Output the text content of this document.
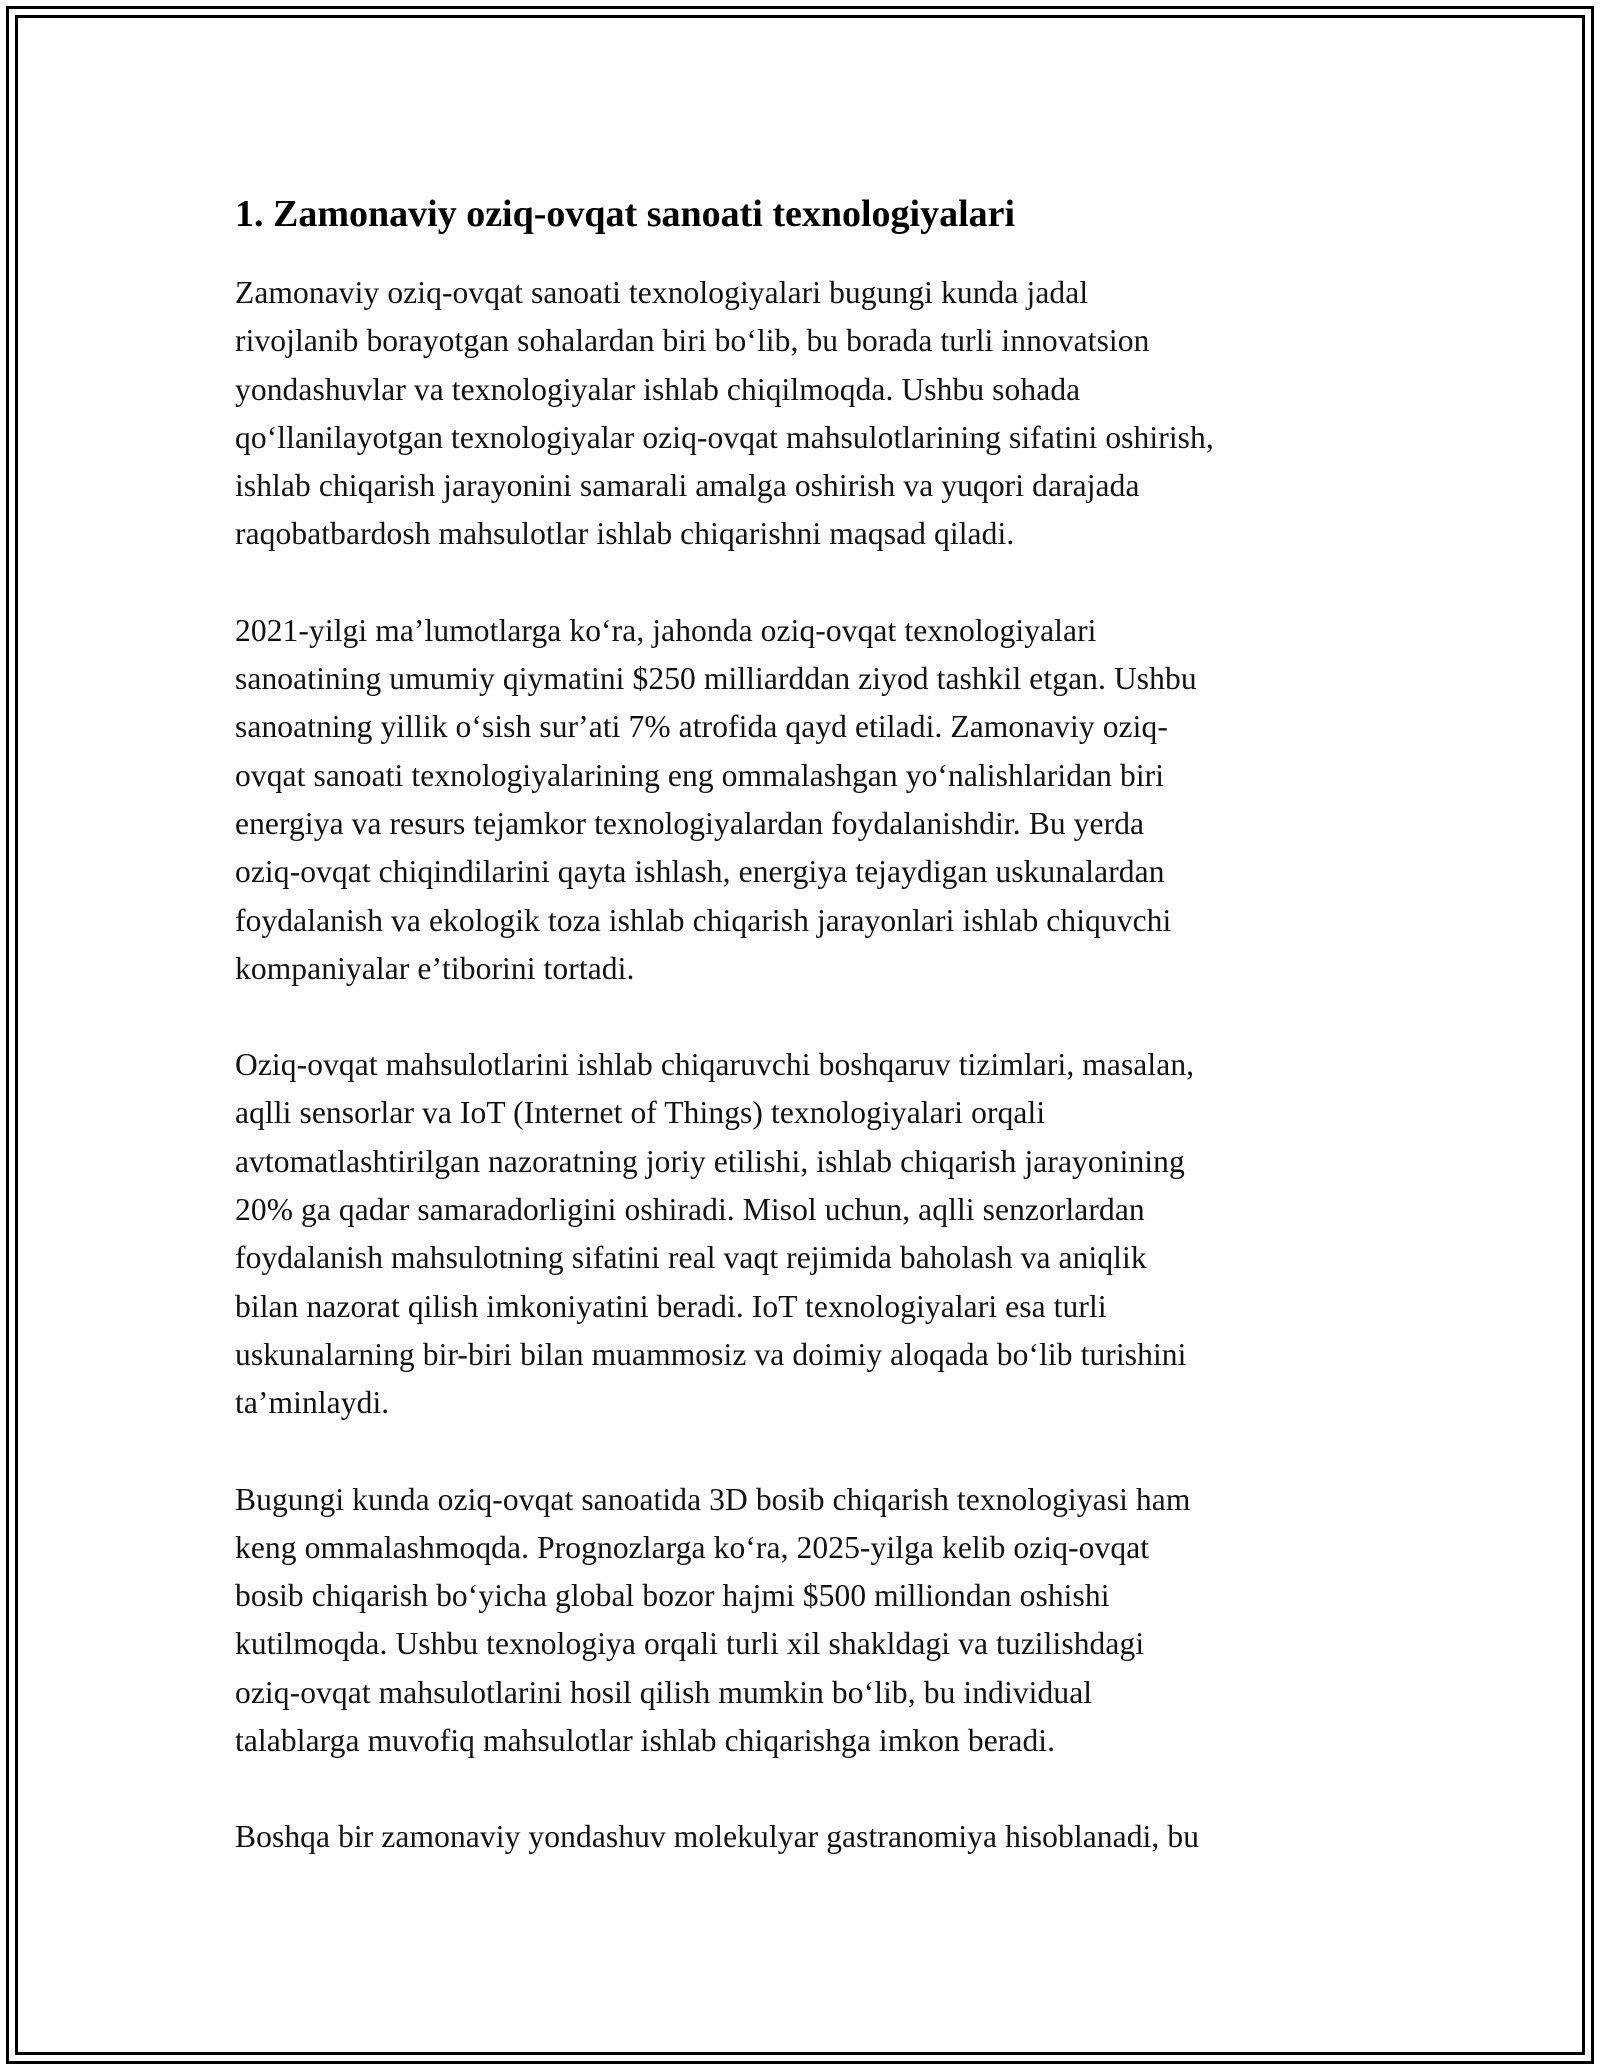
1. Zamonaviy oziq-ovqat sanoati texnologiyalari

Zamonaviy oziq-ovqat sanoati texnologiyalari bugungi kunda jadal
rivojlanib borayotgan sohalardan biri boʻlib, bu borada turli innovatsion
yondashuvlar va texnologiyalar ishlab chiqilmoqda. Ushbu sohada
qoʻllanilayotgan texnologiyalar oziq-ovqat mahsulotlarining sifatini oshirish,
ishlab chiqarish jarayonini samarali amalga oshirish va yuqori darajada
raqobatbardosh mahsulotlar ishlab chiqarishni maqsad qiladi.

2021-yilgi maʼlumotlarga koʻra, jahonda oziq-ovqat texnologiyalari
sanoatining umumiy qiymatini $250 milliarddan ziyod tashkil etgan. Ushbu
sanoatning yillik oʻsish surʼati 7% atrofida qayd etiladi. Zamonaviy oziq-
ovqat sanoati texnologiyalarining eng ommalashgan yoʻnalishlaridan biri
energiya va resurs tejamkor texnologiyalardan foydalanishdir. Bu yerda
oziq-ovqat chiqindilarini qayta ishlash, energiya tejaydigan uskunalardan
foydalanish va ekologik toza ishlab chiqarish jarayonlari ishlab chiquvchi
kompaniyalar eʼtiborini tortadi.

Oziq-ovqat mahsulotlarini ishlab chiqaruvchi boshqaruv tizimlari, masalan,
aqlli sensorlar va IoT (Internet of Things) texnologiyalari orqali
avtomatlashtirilgan nazoratning joriy etilishi, ishlab chiqarish jarayonining
20% ga qadar samaradorligini oshiradi. Misol uchun, aqlli senzorlardan
foydalanish mahsulotning sifatini real vaqt rejimida baholash va aniqlik
bilan nazorat qilish imkoniyatini beradi. IoT texnologiyalari esa turli
uskunalarning bir-biri bilan muammosiz va doimiy aloqada boʻlib turishini
taʼminlaydi.

Bugungi kunda oziq-ovqat sanoatida 3D bosib chiqarish texnologiyasi ham
keng ommalashmoqda. Prognozlarga koʻra, 2025-yilga kelib oziq-ovqat
bosib chiqarish boʻyicha global bozor hajmi $500 milliondan oshishi
kutilmoqda. Ushbu texnologiya orqali turli xil shakldagi va tuzilishdagi
oziq-ovqat mahsulotlarini hosil qilish mumkin boʻlib, bu individual
talablarga muvofiq mahsulotlar ishlab chiqarishga imkon beradi.

Boshqa bir zamonaviy yondashuv molekulyar gastranomiya hisoblanadi, bu
